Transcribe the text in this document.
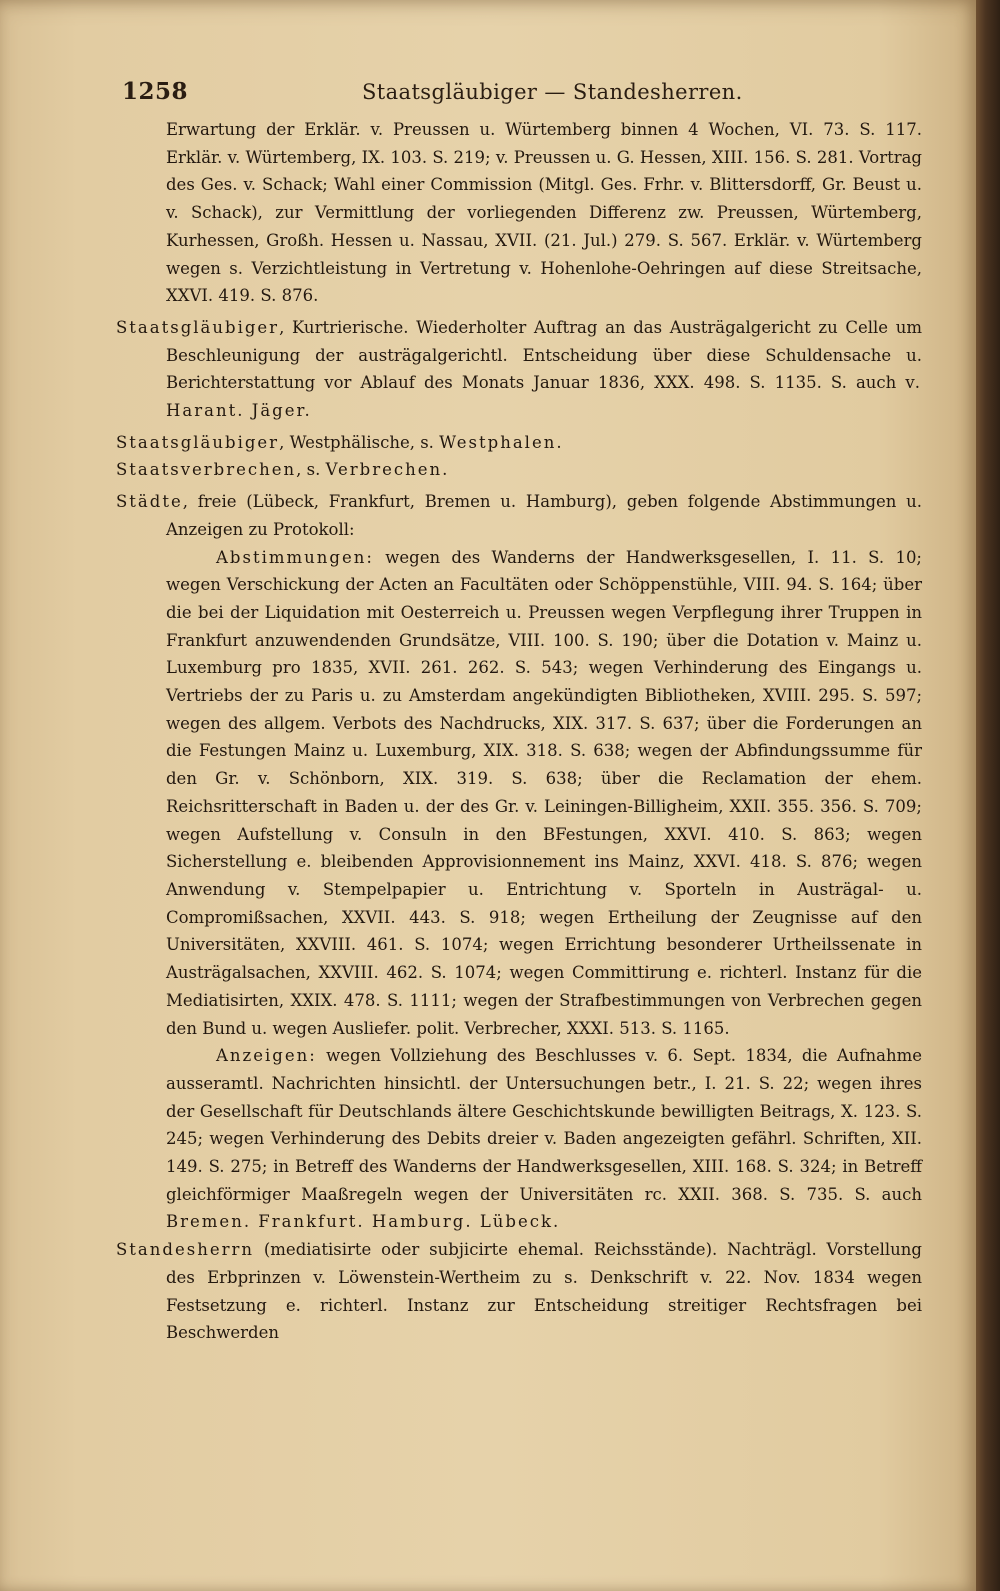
1258	Staatsgläubiger — Standesherren.

Erwartung der Erklär. v. Preussen u. Würtemberg binnen 4 Wochen, VI. 73. S. 117. Erklär. v. Würtemberg, IX. 103. S. 219; v. Preussen u. G. Hessen, XIII. 156. S. 281. Vortrag des Ges. v. Schack; Wahl einer Commission (Mitgl. Ges. Frhr. v. Blittersdorff, Gr. Beust u. v. Schack), zur Vermittlung der vorliegenden Differenz zw. Preussen, Würtemberg, Kurhessen, Großh. Hessen u. Nassau, XVII. (21. Jul.) 279. S. 567. Erklär. v. Würtemberg wegen s. Verzichtleistung in Vertretung v. Hohenlohe-Oehringen auf diese Streitsache, XXVI. 419. S. 876.

Staatsgläubiger, Kurtrierische. Wiederholter Auftrag an das Austrägalgericht zu Celle um Beschleunigung der austrägalgerichtl. Entscheidung über diese Schuldensache u. Berichterstattung vor Ablauf des Monats Januar 1836, XXX. 498. S. 1135. S. auch v. Harant. Jäger.

Staatsgläubiger, Westphälische, s. Westphalen.

Staatsverbrechen, s. Verbrechen.

Städte, freie (Lübeck, Frankfurt, Bremen u. Hamburg), geben folgende Abstimmungen u. Anzeigen zu Protokoll:

Abstimmungen: wegen des Wanderns der Handwerksgesellen, I. 11. S. 10; wegen Verschickung der Acten an Facultäten oder Schöppenstühle, VIII. 94. S. 164; über die bei der Liquidation mit Oesterreich u. Preussen wegen Verpflegung ihrer Truppen in Frankfurt anzuwendenden Grundsätze, VIII. 100. S. 190; über die Dotation v. Mainz u. Luxemburg pro 1835, XVII. 261. 262. S. 543; wegen Verhinderung des Eingangs u. Vertriebs der zu Paris u. zu Amsterdam angekündigten Bibliotheken, XVIII. 295. S. 597; wegen des allgem. Verbots des Nachdrucks, XIX. 317. S. 637; über die Forderungen an die Festungen Mainz u. Luxemburg, XIX. 318. S. 638; wegen der Abfindungssumme für den Gr. v. Schönborn, XIX. 319. S. 638; über die Reclamation der ehem. Reichsritterschaft in Baden u. der des Gr. v. Leiningen-Billigheim, XXII. 355. 356. S. 709; wegen Aufstellung v. Consuln in den BFestungen, XXVI. 410. S. 863; wegen Sicherstellung e. bleibenden Approvisionnement ins Mainz, XXVI. 418. S. 876; wegen Anwendung v. Stempelpapier u. Entrichtung v. Sporteln in Austrägal- u. Compromißsachen, XXVII. 443. S. 918; wegen Ertheilung der Zeugnisse auf den Universitäten, XXVIII. 461. S. 1074; wegen Errichtung besonderer Urtheilssenate in Austrägalsachen, XXVIII. 462. S. 1074; wegen Committirung e. richterl. Instanz für die Mediatisirten, XXIX. 478. S. 1111; wegen der Strafbestimmungen von Verbrechen gegen den Bund u. wegen Ausliefer. polit. Verbrecher, XXXI. 513. S. 1165.

Anzeigen: wegen Vollziehung des Beschlusses v. 6. Sept. 1834, die Aufnahme ausseramtl. Nachrichten hinsichtl. der Untersuchungen betr., I. 21. S. 22; wegen ihres der Gesellschaft für Deutschlands ältere Geschichtskunde bewilligten Beitrags, X. 123. S. 245; wegen Verhinderung des Debits dreier v. Baden angezeigten gefährl. Schriften, XII. 149. S. 275; in Betreff des Wanderns der Handwerksgesellen, XIII. 168. S. 324; in Betreff gleichförmiger Maaßregeln wegen der Universitäten rc. XXII. 368. S. 735. S. auch Bremen. Frankfurt. Hamburg. Lübeck.

Standesherrn (mediatisirte oder subjicirte ehemal. Reichsstände). Nachträgl. Vorstellung des Erbprinzen v. Löwenstein-Wertheim zu s. Denkschrift v. 22. Nov. 1834 wegen Festsetzung e. richterl. Instanz zur Entscheidung streitiger Rechtsfragen bei Beschwerden
